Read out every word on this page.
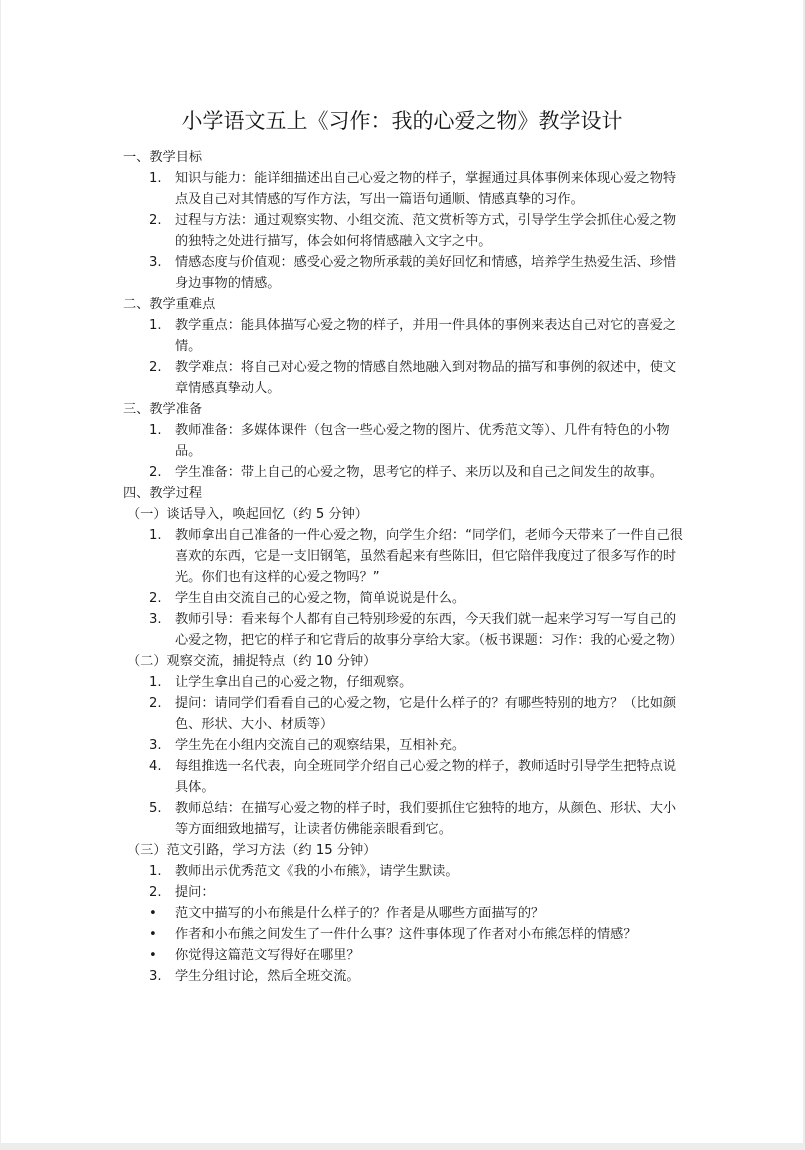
小学语文五上《习作：我的心爱之物》教学设计
一、教学目标
1. 知识与能力：能详细描述出自己心爱之物的样子，掌握通过具体事例来体现心爱之物特点及自己对其情感的写作方法，写出一篇语句通顺、情感真挚的习作。
2. 过程与方法：通过观察实物、小组交流、范文赏析等方式，引导学生学会抓住心爱之物的独特之处进行描写，体会如何将情感融入文字之中。
3. 情感态度与价值观：感受心爱之物所承载的美好回忆和情感，培养学生热爱生活、珍惜身边事物的情感。
二、教学重难点
1. 教学重点：能具体描写心爱之物的样子，并用一件具体的事例来表达自己对它的喜爱之情。
2. 教学难点：将自己对心爱之物的情感自然地融入到对物品的描写和事例的叙述中，使文章情感真挚动人。
三、教学准备
1. 教师准备：多媒体课件（包含一些心爱之物的图片、优秀范文等）、几件有特色的小物品。
2. 学生准备：带上自己的心爱之物，思考它的样子、来历以及和自己之间发生的故事。
四、教学过程
（一）谈话导入，唤起回忆（约 5 分钟）
1. 教师拿出自己准备的一件心爱之物，向学生介绍：“同学们，老师今天带来了一件自己很喜欢的东西，它是一支旧钢笔，虽然看起来有些陈旧，但它陪伴我度过了很多写作的时光。你们也有这样的心爱之物吗？”
2. 学生自由交流自己的心爱之物，简单说说是什么。
3. 教师引导：看来每个人都有自己特别珍爱的东西，今天我们就一起来学习写一写自己的心爱之物，把它的样子和它背后的故事分享给大家。（板书课题：习作：我的心爱之物）
（二）观察交流，捕捉特点（约 10 分钟）
1. 让学生拿出自己的心爱之物，仔细观察。
2. 提问：请同学们看看自己的心爱之物，它是什么样子的？有哪些特别的地方？（比如颜色、形状、大小、材质等）
3. 学生先在小组内交流自己的观察结果，互相补充。
4. 每组推选一名代表，向全班同学介绍自己心爱之物的样子，教师适时引导学生把特点说具体。
5. 教师总结：在描写心爱之物的样子时，我们要抓住它独特的地方，从颜色、形状、大小等方面细致地描写，让读者仿佛能亲眼看到它。
（三）范文引路，学习方法（约 15 分钟）
1. 教师出示优秀范文《我的小布熊》，请学生默读。
2. 提问：
• 范文中描写的小布熊是什么样子的？作者是从哪些方面描写的？
• 作者和小布熊之间发生了一件什么事？这件事体现了作者对小布熊怎样的情感？
• 你觉得这篇范文写得好在哪里？
3. 学生分组讨论，然后全班交流。
